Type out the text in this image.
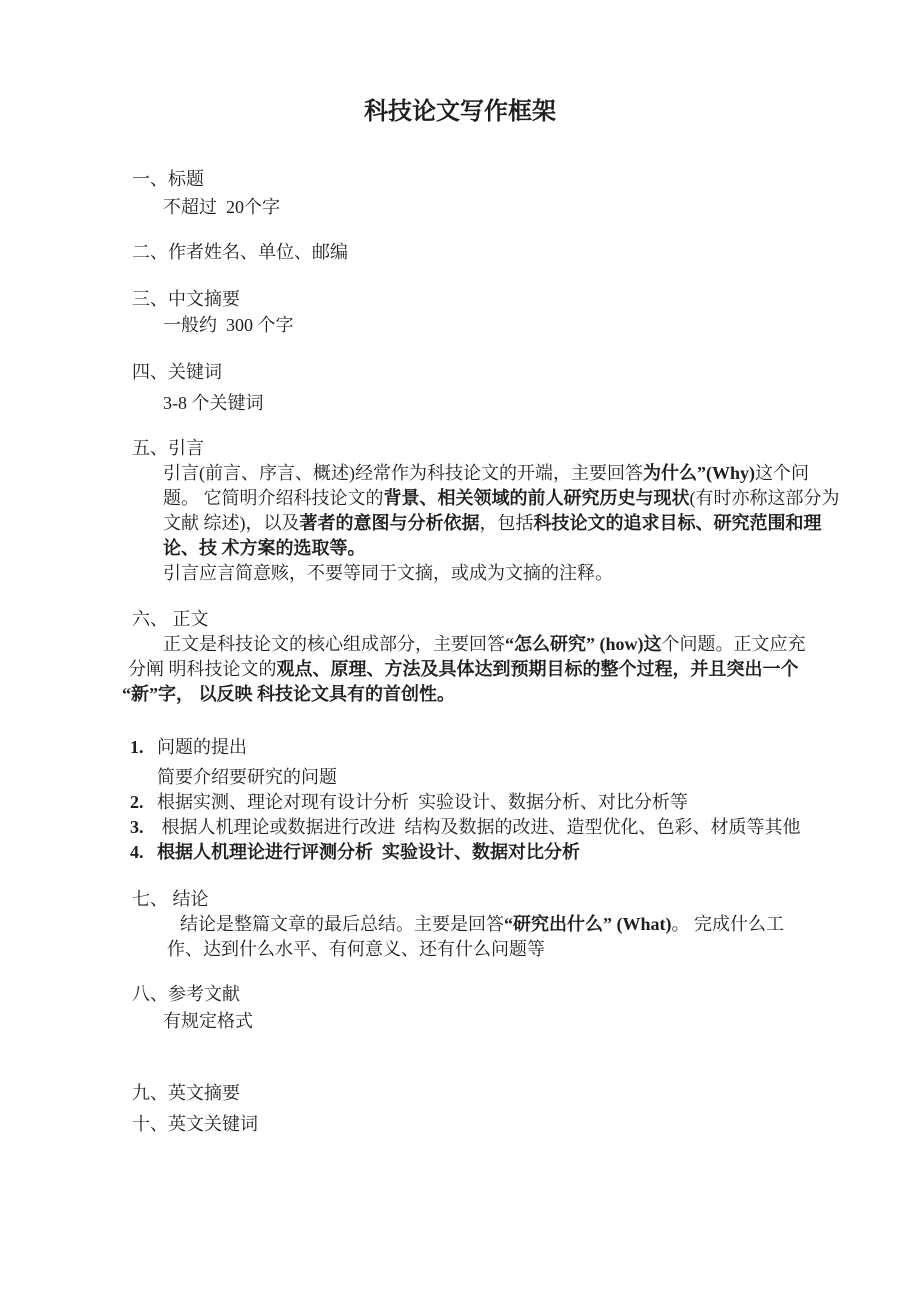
科技论文写作框架
一、标题
不超过  20个字
二、作者姓名、单位、邮编
三、中文摘要
一般约  300 个字
四、关键词
3-8 个关键词
五、引言
引言(前言、序言、概述)经常作为科技论文的开端，主要回答为什么”(Why)这个问
题。 它简明介绍科技论文的背景、相关领域的前人研究历史与现状(有时亦称这部分为
文献 综述)，以及著者的意图与分析依据，包括科技论文的追求目标、研究范围和理
论、技 术方案的选取等。
引言应言简意赅，不要等同于文摘，或成为文摘的注释。
六、 正文
正文是科技论文的核心组成部分，主要回答“怎么研究” (how)这个问题。正文应充
分阐 明科技论文的观点、原理、方法及具体达到预期目标的整个过程，并且突出一个
“新”字， 以反映 科技论文具有的首创性。
1. 问题的提出
简要介绍要研究的问题
2. 根据实测、理论对现有设计分析  实验设计、数据分析、对比分析等
3. 根据人机理论或数据进行改进  结构及数据的改进、造型优化、色彩、材质等其他
4. 根据人机理论进行评测分析  实验设计、数据对比分析
七、 结论
结论是整篇文章的最后总结。主要是回答“研究出什么” (What)。 完成什么工
作、达到什么水平、有何意义、还有什么问题等
八、参考文献
有规定格式
九、英文摘要
十、英文关键词
